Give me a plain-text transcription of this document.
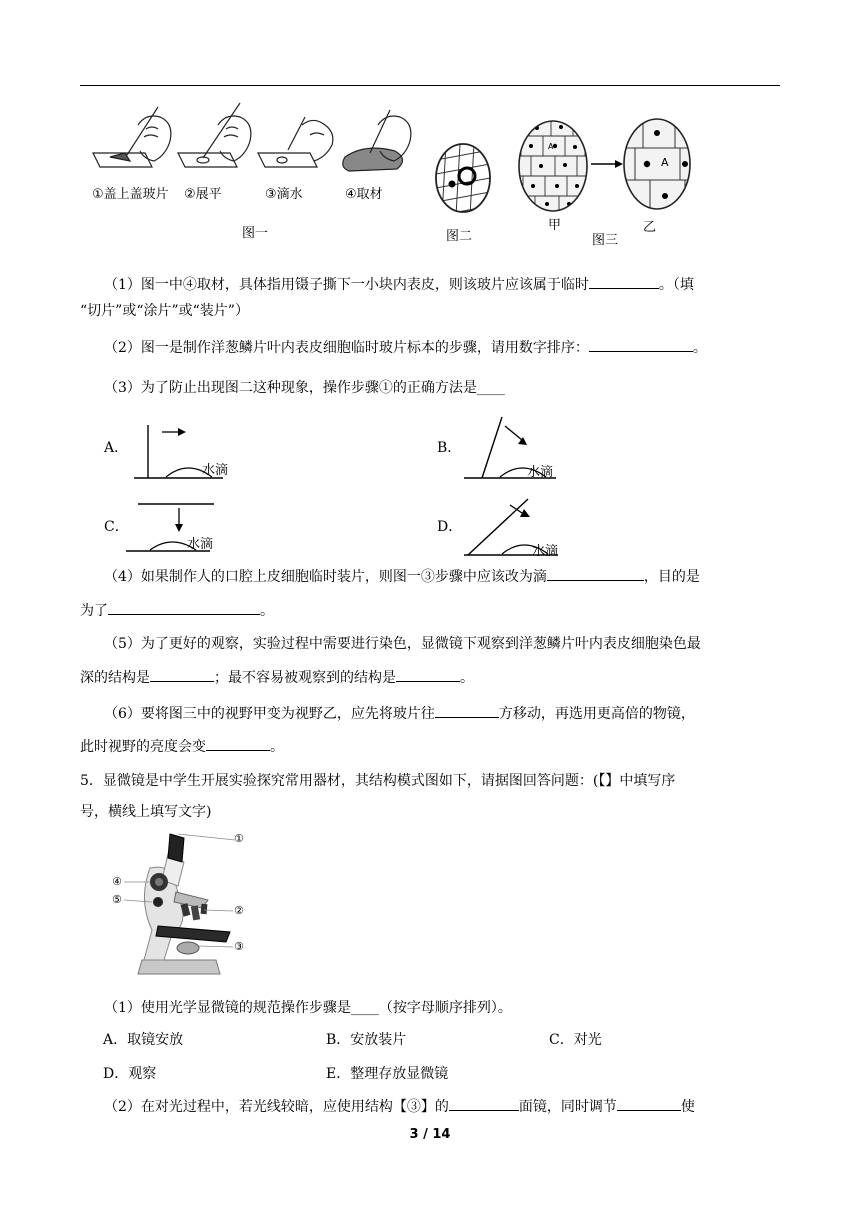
①盖上盖玻片 ②展平	③滴水	④取材
图一	图二
A
A
甲
图三
乙
（1）图一中④取材，具体指用镊子撕下一小块内表皮，则该玻片应该属于临时	。（填
“切片”或“涂片”或“装片”）
（2）图一是制作洋葱鳞片叶内表皮细胞临时玻片标本的步骤，请用数字排序：	。
（3）为了防止出现图二这种现象，操作步骤①的正确方法是____
A．
水滴
B．
水滴
C．
水滴
D．
水滴
（4）如果制作人的口腔上皮细胞临时装片，则图一③步骤中应该改为滴	，目的是
为了	。
（5）为了更好的观察，实验过程中需要进行染色，显微镜下观察到洋葱鳞片叶内表皮细胞染色最
深的结构是	；最不容易被观察到的结构是	。
（6）要将图三中的视野甲变为视野乙，应先将玻片往	方移动，再选用更高倍的物镜，
此时视野的亮度会变	。
5．显微镜是中学生开展实验探究常用器材，其结构模式图如下，请据图回答问题：(【】中填写序
号，横线上填写文字)
①
④
⑤
②
③
（1）使用光学显微镜的规范操作步骤是____（按字母顺序排列）。
A．取镜安放	B．安放装片	C．对光
D．观察	E．整理存放显微镜
（2）在对光过程中，若光线较暗，应使用结构【③】的	面镜，同时调节	使
3 / 14
